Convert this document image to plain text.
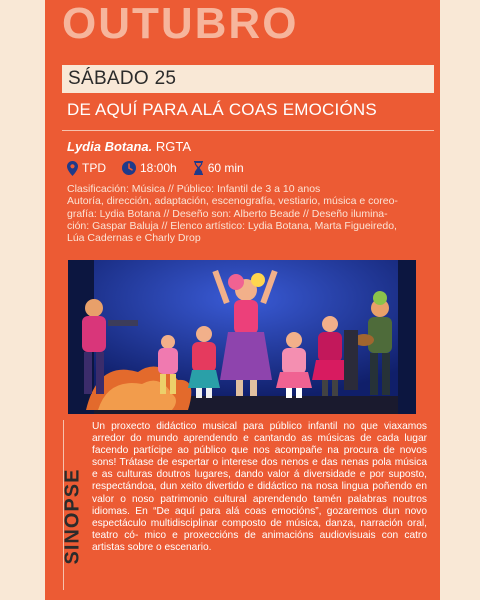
OUTUBRO
SÁBADO 25
DE AQUÍ PARA ALÁ COAS EMOCIÓNS
Lydia Botana. RGTA
TPD	18:00h	60 min
Clasificación: Música // Público: Infantil de 3 a 10 anos
Autoría, dirección, adaptación, escenografía, vestiario, música e coreo-
grafía: Lydia Botana // Deseño son: Alberto Beade // Deseño ilumina-
ción: Gaspar Baluja // Elenco artístico: Lydia Botana, Marta Figueiredo,
Lúa Cadernas e Charly Drop
SINOPSE
Un proxecto didáctico musical para público infantil no que viaxamos arredor do mundo aprendendo e cantando as músicas de cada lugar facendo partícipe ao público que nos acompañe na procura de novos sons! Trátase de espertar o interese dos nenos e das nenas pola música e as culturas doutros lugares, dando valor á diversidade e por suposto, respectándoa, dun xeito divertido e didáctico na nosa lingua poñendo en valor o noso patrimonio cultural aprendendo tamén palabras noutros idiomas. En “De aquí para alá coas emocións”, gozaremos dun novo espectáculo multidisciplinar composto de música, danza, narración oral, teatro có- mico e proxeccións de animacións audiovisuais con catro artistas sobre o escenario.
